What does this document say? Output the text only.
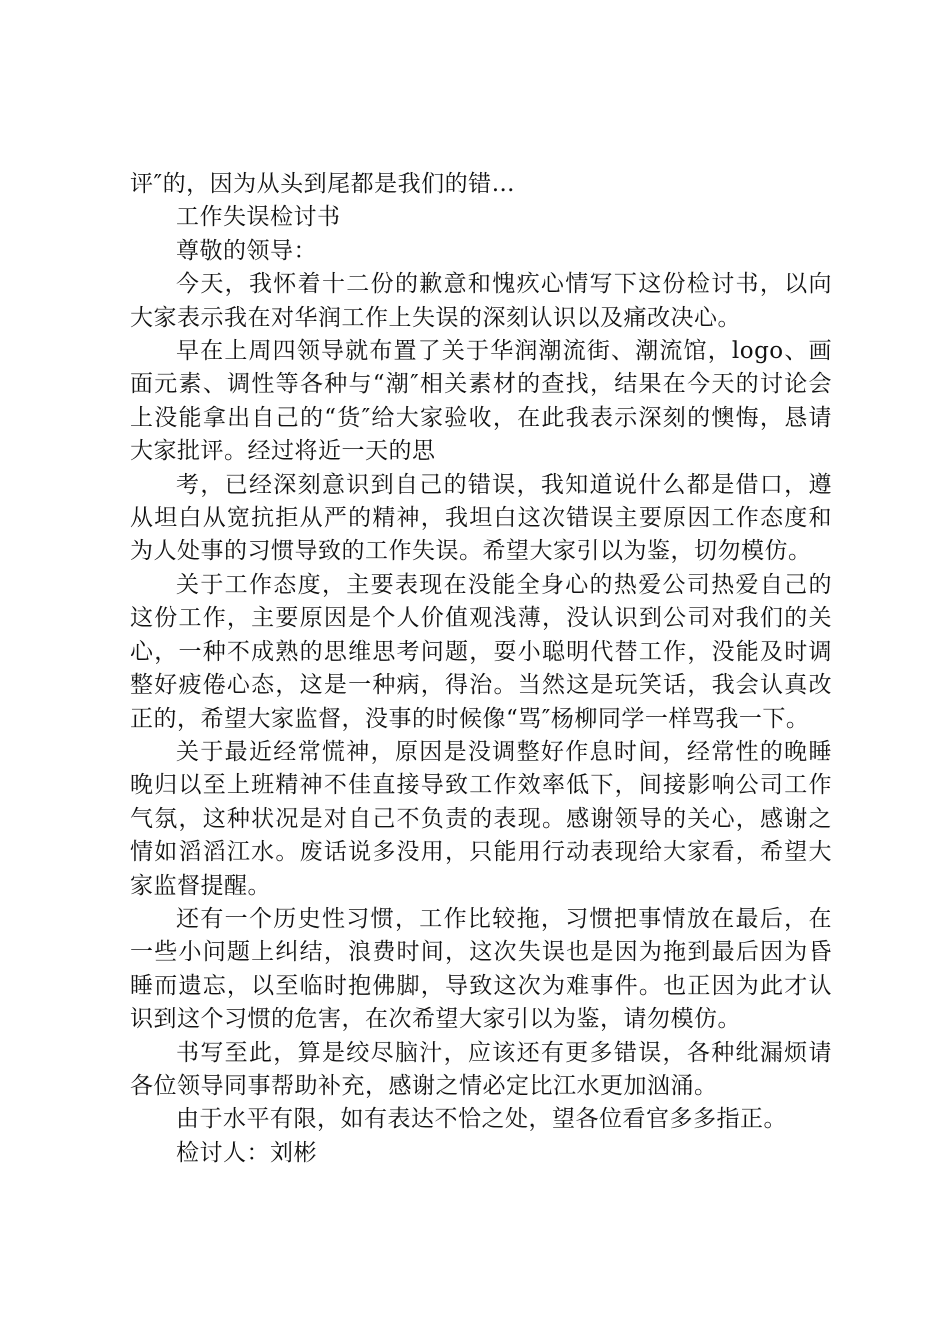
评″的，因为从头到尾都是我们的错…

工作失误检讨书

尊敬的领导：

今天，我怀着十二份的歉意和愧疚心情写下这份检讨书，以向大家表示我在对华润工作上失误的深刻认识以及痛改决心。

早在上周四领导就布置了关于华润潮流街、潮流馆，logo、画面元素、调性等各种与“潮″相关素材的查找，结果在今天的讨论会上没能拿出自己的“货″给大家验收，在此我表示深刻的懊悔，恳请大家批评。经过将近一天的思

考，已经深刻意识到自己的错误，我知道说什么都是借口，遵从坦白从宽抗拒从严的精神，我坦白这次错误主要原因工作态度和为人处事的习惯导致的工作失误。希望大家引以为鉴，切勿模仿。

关于工作态度，主要表现在没能全身心的热爱公司热爱自己的这份工作，主要原因是个人价值观浅薄，没认识到公司对我们的关心，一种不成熟的思维思考问题，耍小聪明代替工作，没能及时调整好疲倦心态，这是一种病，得治。当然这是玩笑话，我会认真改正的，希望大家监督，没事的时候像“骂″杨柳同学一样骂我一下。

关于最近经常慌神，原因是没调整好作息时间，经常性的晚睡晚归以至上班精神不佳直接导致工作效率低下，间接影响公司工作气氛，这种状况是对自己不负责的表现。感谢领导的关心，感谢之情如滔滔江水。废话说多没用，只能用行动表现给大家看，希望大家监督提醒。

还有一个历史性习惯，工作比较拖，习惯把事情放在最后，在一些小问题上纠结，浪费时间，这次失误也是因为拖到最后因为昏睡而遗忘，以至临时抱佛脚，导致这次为难事件。也正因为此才认识到这个习惯的危害，在次希望大家引以为鉴，请勿模仿。

书写至此，算是绞尽脑汁，应该还有更多错误，各种纰漏烦请各位领导同事帮助补充，感谢之情必定比江水更加汹涌。

由于水平有限，如有表达不恰之处，望各位看官多多指正。

检讨人：刘彬
